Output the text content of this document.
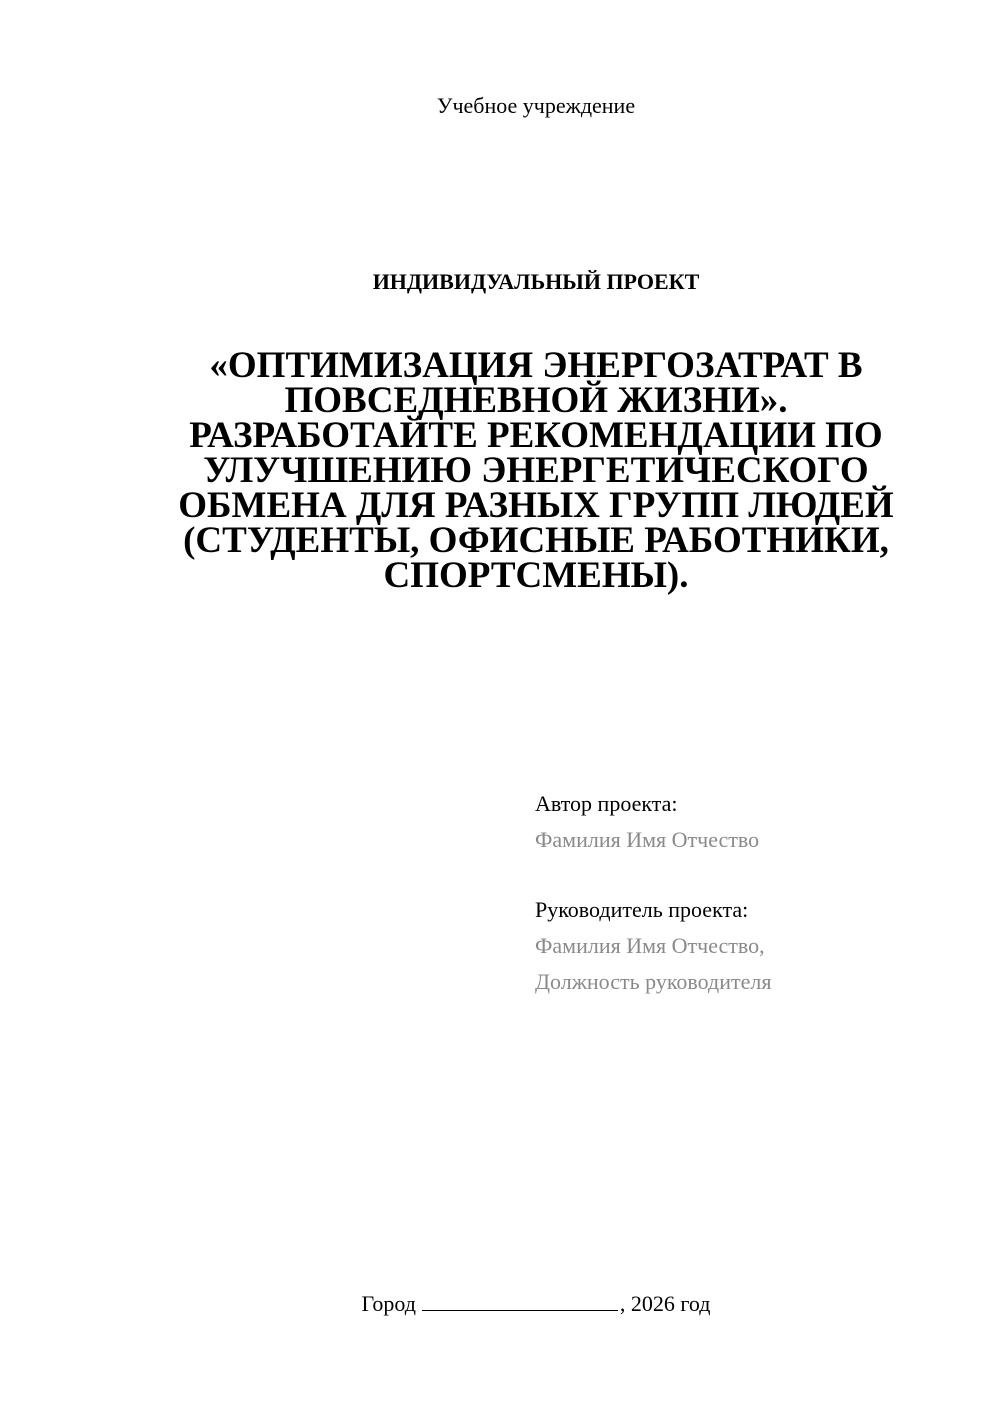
Учебное учреждение
ИНДИВИДУАЛЬНЫЙ ПРОЕКТ
«ОПТИМИЗАЦИЯ ЭНЕРГОЗАТРАТ В
ПОВСЕДНЕВНОЙ ЖИЗНИ».
РАЗРАБОТАЙТЕ РЕКОМЕНДАЦИИ ПО
УЛУЧШЕНИЮ ЭНЕРГЕТИЧЕСКОГО
ОБМЕНА ДЛЯ РАЗНЫХ ГРУПП ЛЮДЕЙ
(СТУДЕНТЫ, ОФИСНЫЕ РАБОТНИКИ,
СПОРТСМЕНЫ).
Автор проекта:
Фамилия Имя Отчество
Руководитель проекта:
Фамилия Имя Отчество,
Должность руководителя
Город	, 2026 год
